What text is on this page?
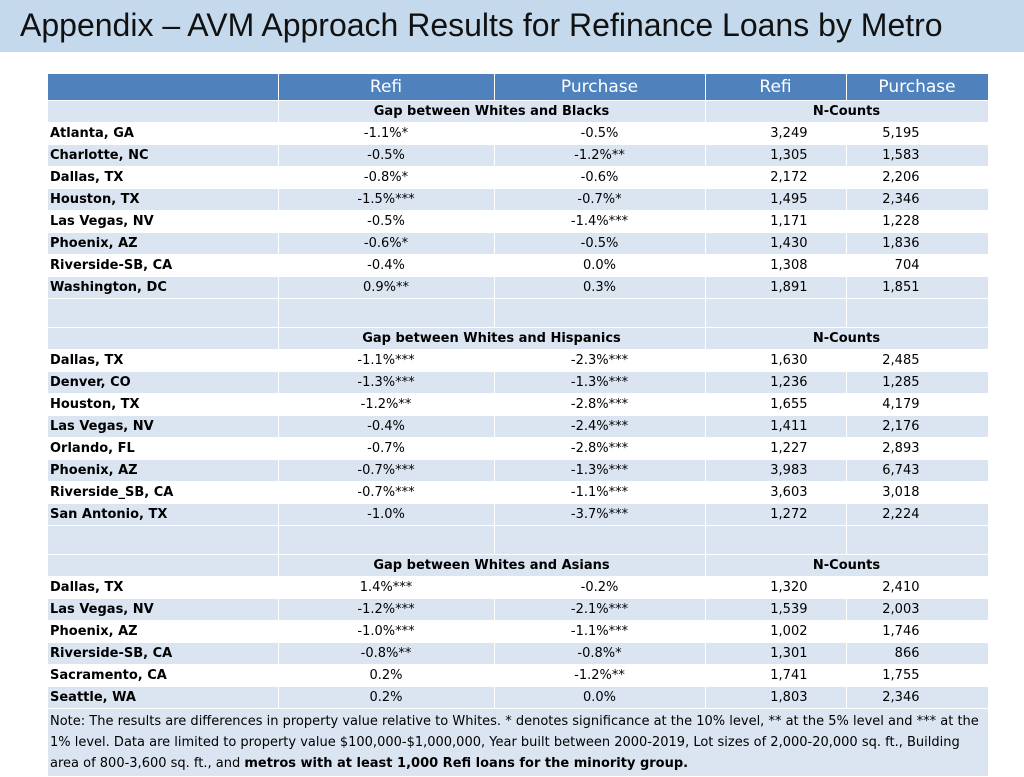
Appendix – AVM Approach Results for Refinance Loans by Metro
	Refi	Purchase	Refi	Purchase
	Gap between Whites and Blacks		N-Counts	
Atlanta, GA	-1.1%*	-0.5%	3,249	5,195
Charlotte, NC	-0.5%	-1.2%**	1,305	1,583
Dallas, TX	-0.8%*	-0.6%	2,172	2,206
Houston, TX	-1.5%***	-0.7%*	1,495	2,346
Las Vegas, NV	-0.5%	-1.4%***	1,171	1,228
Phoenix, AZ	-0.6%*	-0.5%	1,430	1,836
Riverside-SB, CA	-0.4%	0.0%	1,308	704
Washington, DC	0.9%**	0.3%	1,891	1,851

	Gap between Whites and Hispanics		N-Counts	
Dallas, TX	-1.1%***	-2.3%***	1,630	2,485
Denver, CO	-1.3%***	-1.3%***	1,236	1,285
Houston, TX	-1.2%**	-2.8%***	1,655	4,179
Las Vegas, NV	-0.4%	-2.4%***	1,411	2,176
Orlando, FL	-0.7%	-2.8%***	1,227	2,893
Phoenix, AZ	-0.7%***	-1.3%***	3,983	6,743
Riverside_SB, CA	-0.7%***	-1.1%***	3,603	3,018
San Antonio, TX	-1.0%	-3.7%***	1,272	2,224

	Gap between Whites and Asians		N-Counts	
Dallas, TX	1.4%***	-0.2%	1,320	2,410
Las Vegas, NV	-1.2%***	-2.1%***	1,539	2,003
Phoenix, AZ	-1.0%***	-1.1%***	1,002	1,746
Riverside-SB, CA	-0.8%**	-0.8%*	1,301	866
Sacramento, CA	0.2%	-1.2%**	1,741	1,755
Seattle, WA	0.2%	0.0%	1,803	2,346
Note: The results are differences in property value relative to Whites. * denotes significance at the 10% level, ** at the 5% level and *** at the 1% level. Data are limited to property value $100,000-$1,000,000, Year built between 2000-2019, Lot sizes of 2,000-20,000 sq. ft., Building area of 800-3,600 sq. ft., and metros with at least 1,000 Refi loans for the minority group.				
